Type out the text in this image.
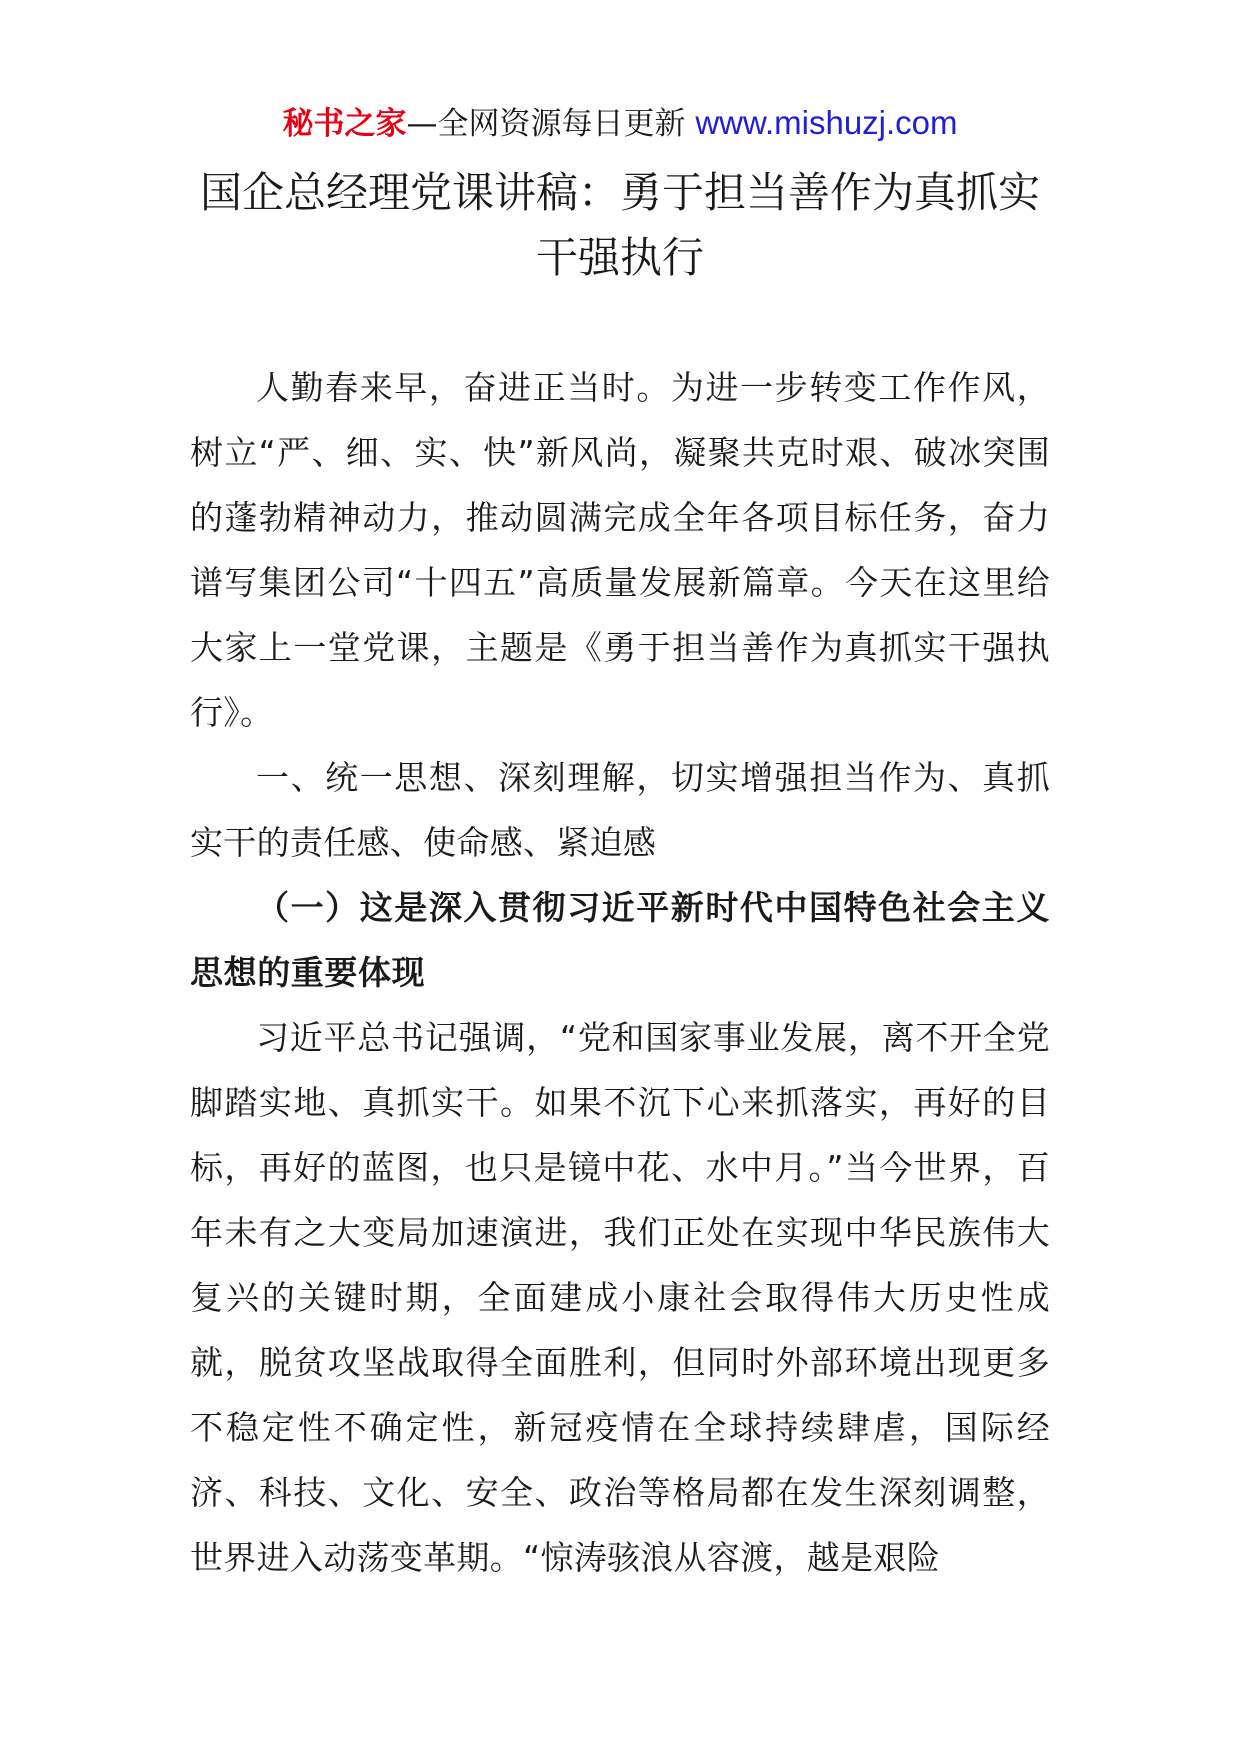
秘书之家—全网资源每日更新 www.mishuzj.com
国企总经理党课讲稿：勇于担当善作为真抓实干强执行

人勤春来早，奋进正当时。为进一步转变工作作风，树立“严、细、实、快”新风尚，凝聚共克时艰、破冰突围的蓬勃精神动力，推动圆满完成全年各项目标任务，奋力谱写集团公司“十四五”高质量发展新篇章。今天在这里给大家上一堂党课，主题是《勇于担当善作为真抓实干强执行》。

一、统一思想、深刻理解，切实增强担当作为、真抓实干的责任感、使命感、紧迫感

（一）这是深入贯彻习近平新时代中国特色社会主义思想的重要体现

习近平总书记强调，“党和国家事业发展，离不开全党脚踏实地、真抓实干。如果不沉下心来抓落实，再好的目标，再好的蓝图，也只是镜中花、水中月。”当今世界，百年未有之大变局加速演进，我们正处在实现中华民族伟大复兴的关键时期，全面建成小康社会取得伟大历史性成就，脱贫攻坚战取得全面胜利，但同时外部环境出现更多不稳定性不确定性，新冠疫情在全球持续肆虐，国际经济、科技、文化、安全、政治等格局都在发生深刻调整，世界进入动荡变革期。“惊涛骇浪从容渡，越是艰险
